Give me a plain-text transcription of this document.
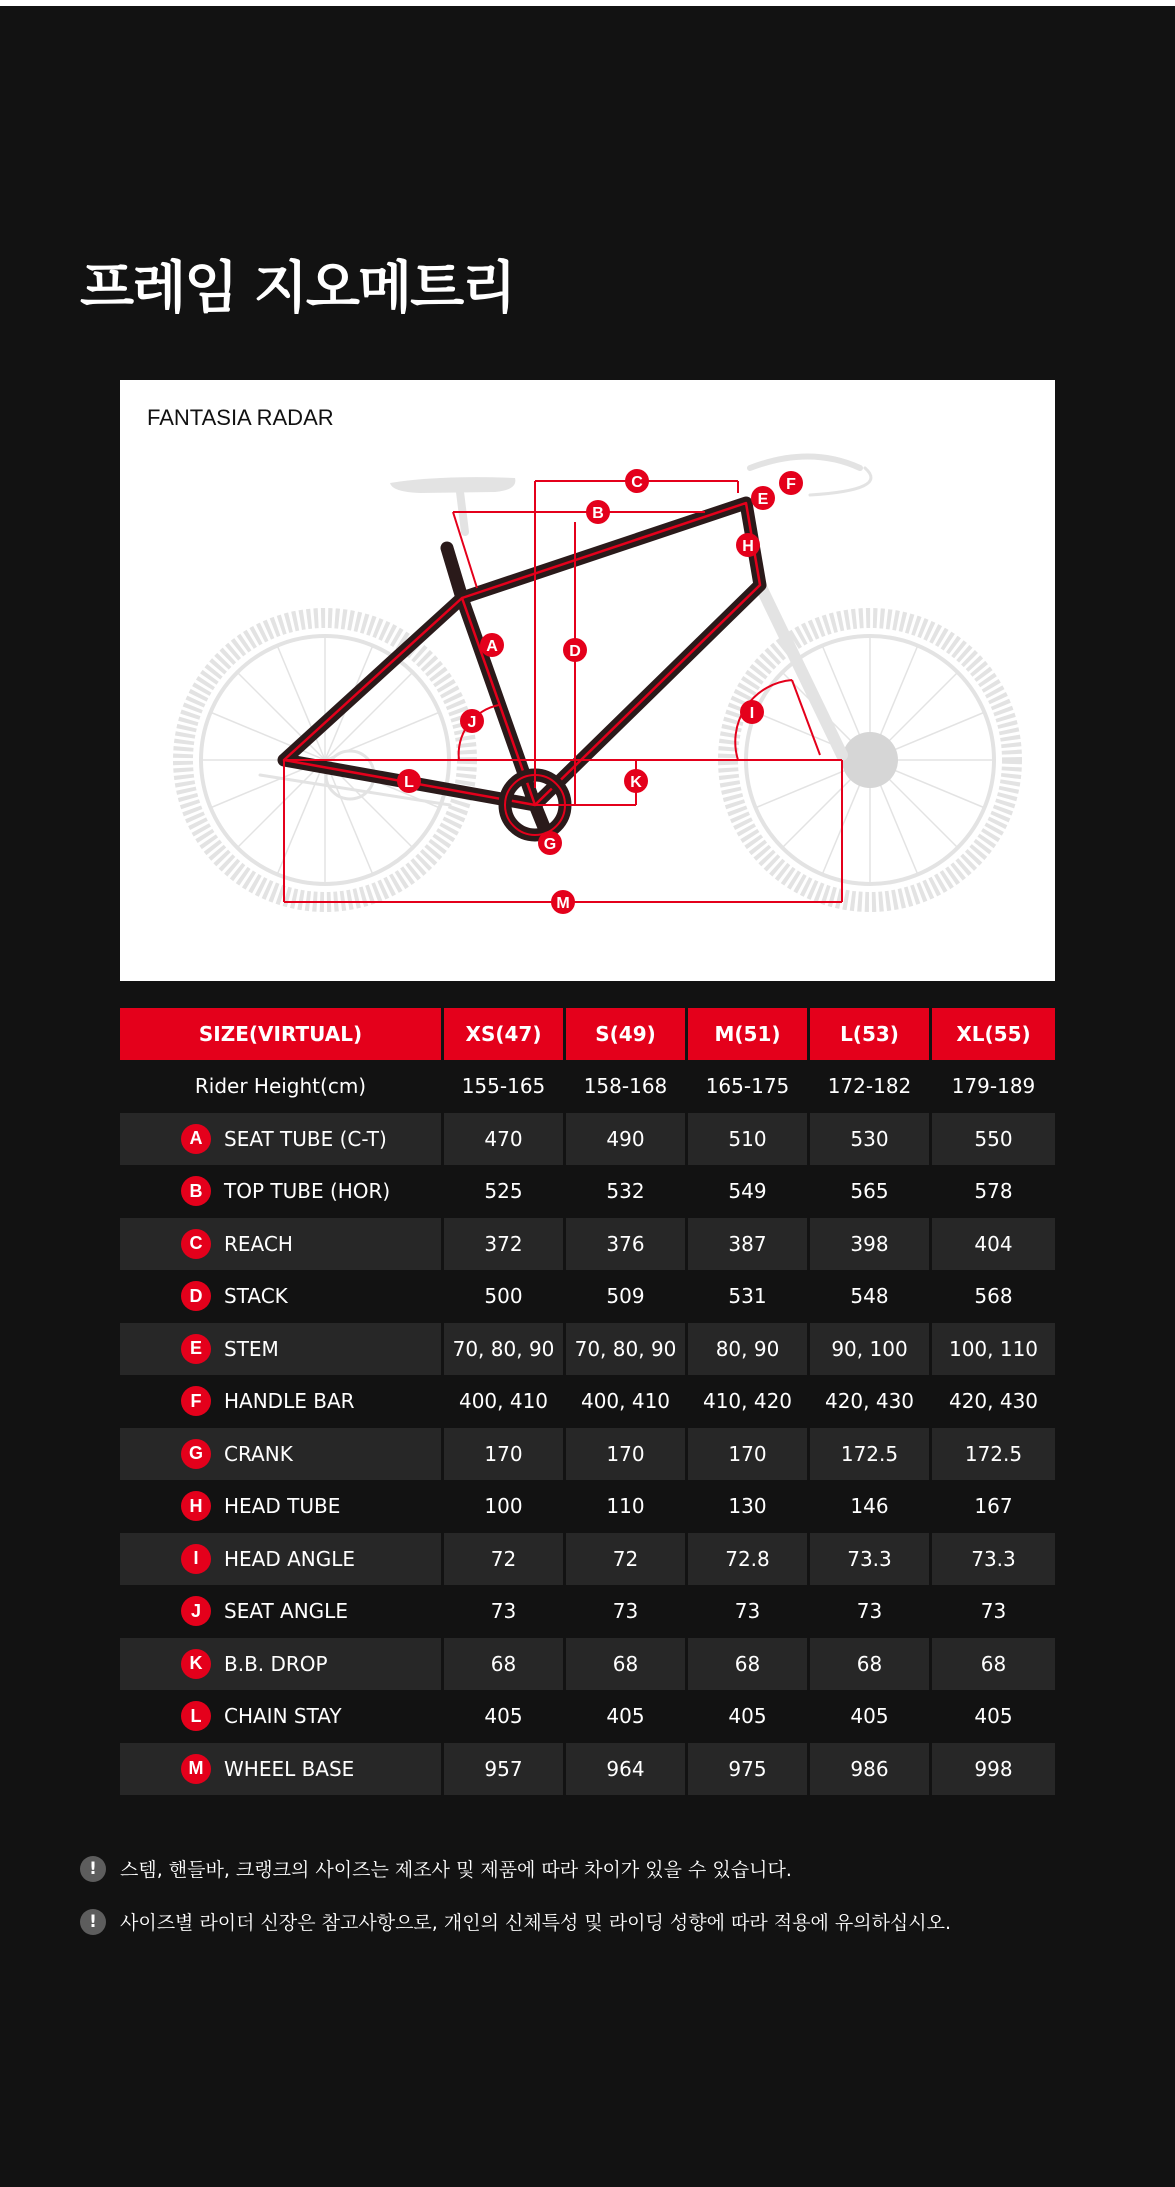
프레임 지오메트리
FANTASIA RADAR
C
B
E
F
H
A	D
J
I
L	K
G
M
SIZE(VIRTUAL)	XS(47)	S(49)	M(51)	L(53)	XL(55)
Rider Height(cm)	155-165	158-168	165-175	172-182	179-189

A SEAT TUBE (C-T)	470	490	510	530	550

B TOP TUBE (HOR)	525	532	549	565	578

C REACH	372	376	387	398	404

D STACK	500	509	531	548	568

E STEM	70, 80, 90	70, 80, 90	80, 90	90, 100	100, 110

F HANDLE BAR	400, 410	400, 410	410, 420	420, 430	420, 430

G CRANK	170	170	170	172.5	172.5

H HEAD TUBE	100	110	130	146	167

I HEAD ANGLE	72	72	72.8	73.3	73.3

J SEAT ANGLE	73	73	73	73	73

K B.B. DROP	68	68	68	68	68

L CHAIN STAY	405	405	405	405	405

M WHEEL BASE	957	964	975	986	998
!	스템, 핸들바, 크랭크의 사이즈는 제조사 및 제품에 따라 차이가 있을 수 있습니다.
!	사이즈별 라이더 신장은 참고사항으로, 개인의 신체특성 및 라이딩 성향에 따라 적용에 유의하십시오.
